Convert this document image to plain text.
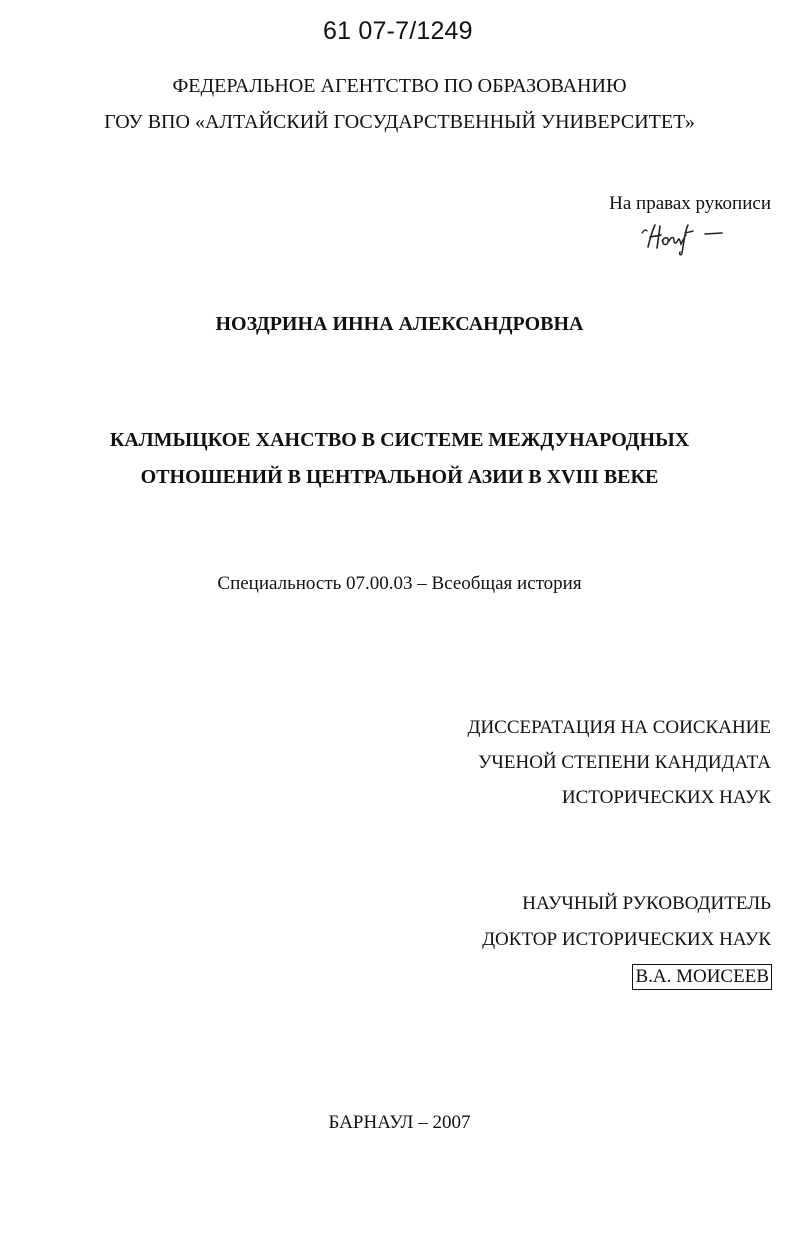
61 07-7/1249
ФЕДЕРАЛЬНОЕ АГЕНТСТВО ПО ОБРАЗОВАНИЮ
ГОУ ВПО «АЛТАЙСКИЙ ГОСУДАРСТВЕННЫЙ УНИВЕРСИТЕТ»
На правах рукописи
НОЗДРИНА ИННА АЛЕКСАНДРОВНА
КАЛМЫЦКОЕ ХАНСТВО В СИСТЕМЕ МЕЖДУНАРОДНЫХ
ОТНОШЕНИЙ В ЦЕНТРАЛЬНОЙ АЗИИ В XVIII ВЕКЕ
Специальность 07.00.03 – Всеобщая история
ДИССЕРАТАЦИЯ НА СОИСКАНИЕ
УЧЕНОЙ СТЕПЕНИ КАНДИДАТА
ИСТОРИЧЕСКИХ НАУК
НАУЧНЫЙ РУКОВОДИТЕЛЬ
ДОКТОР ИСТОРИЧЕСКИХ НАУК
В.А. МОИСЕЕВ
БАРНАУЛ – 2007
